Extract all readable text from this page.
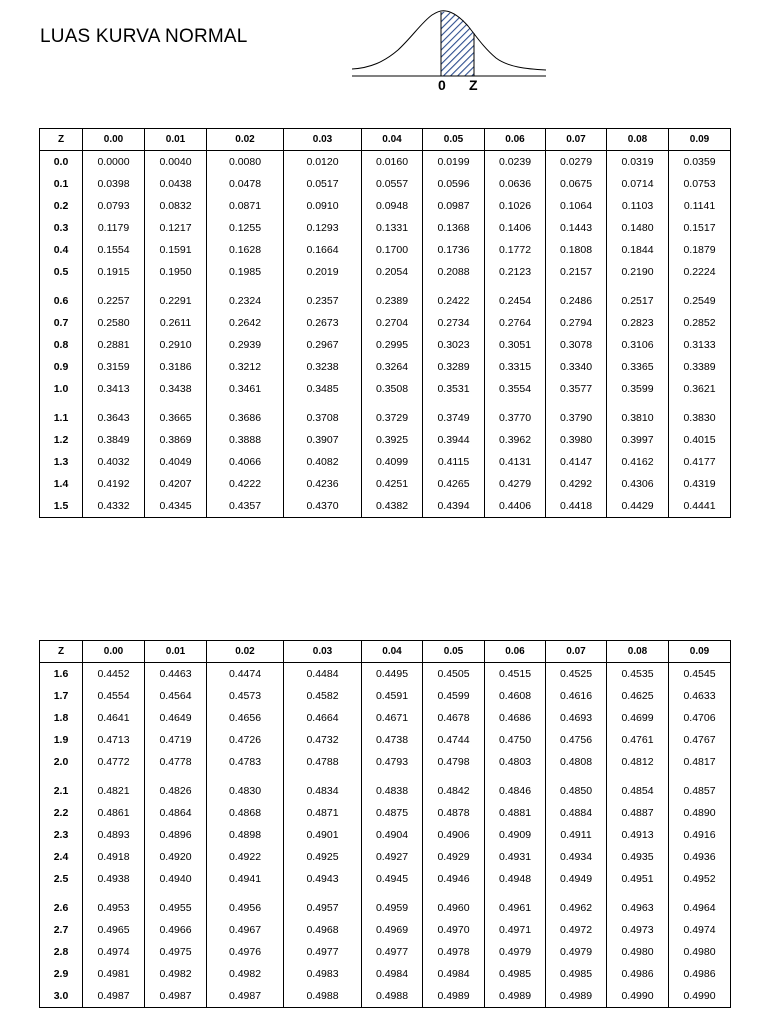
LUAS KURVA NORMAL
0 Z
Z	0.00	0.01	0.02	0.03	0.04	0.05	0.06	0.07	0.08	0.09
0.0	0.0000	0.0040	0.0080	0.0120	0.0160	0.0199	0.0239	0.0279	0.0319	0.0359
0.1	0.0398	0.0438	0.0478	0.0517	0.0557	0.0596	0.0636	0.0675	0.0714	0.0753
0.2	0.0793	0.0832	0.0871	0.0910	0.0948	0.0987	0.1026	0.1064	0.1103	0.1141
0.3	0.1179	0.1217	0.1255	0.1293	0.1331	0.1368	0.1406	0.1443	0.1480	0.1517
0.4	0.1554	0.1591	0.1628	0.1664	0.1700	0.1736	0.1772	0.1808	0.1844	0.1879
0.5	0.1915	0.1950	0.1985	0.2019	0.2054	0.2088	0.2123	0.2157	0.2190	0.2224
0.6	0.2257	0.2291	0.2324	0.2357	0.2389	0.2422	0.2454	0.2486	0.2517	0.2549
0.7	0.2580	0.2611	0.2642	0.2673	0.2704	0.2734	0.2764	0.2794	0.2823	0.2852
0.8	0.2881	0.2910	0.2939	0.2967	0.2995	0.3023	0.3051	0.3078	0.3106	0.3133
0.9	0.3159	0.3186	0.3212	0.3238	0.3264	0.3289	0.3315	0.3340	0.3365	0.3389
1.0	0.3413	0.3438	0.3461	0.3485	0.3508	0.3531	0.3554	0.3577	0.3599	0.3621
1.1	0.3643	0.3665	0.3686	0.3708	0.3729	0.3749	0.3770	0.3790	0.3810	0.3830
1.2	0.3849	0.3869	0.3888	0.3907	0.3925	0.3944	0.3962	0.3980	0.3997	0.4015
1.3	0.4032	0.4049	0.4066	0.4082	0.4099	0.4115	0.4131	0.4147	0.4162	0.4177
1.4	0.4192	0.4207	0.4222	0.4236	0.4251	0.4265	0.4279	0.4292	0.4306	0.4319
1.5	0.4332	0.4345	0.4357	0.4370	0.4382	0.4394	0.4406	0.4418	0.4429	0.4441
Z	0.00	0.01	0.02	0.03	0.04	0.05	0.06	0.07	0.08	0.09
1.6	0.4452	0.4463	0.4474	0.4484	0.4495	0.4505	0.4515	0.4525	0.4535	0.4545
1.7	0.4554	0.4564	0.4573	0.4582	0.4591	0.4599	0.4608	0.4616	0.4625	0.4633
1.8	0.4641	0.4649	0.4656	0.4664	0.4671	0.4678	0.4686	0.4693	0.4699	0.4706
1.9	0.4713	0.4719	0.4726	0.4732	0.4738	0.4744	0.4750	0.4756	0.4761	0.4767
2.0	0.4772	0.4778	0.4783	0.4788	0.4793	0.4798	0.4803	0.4808	0.4812	0.4817
2.1	0.4821	0.4826	0.4830	0.4834	0.4838	0.4842	0.4846	0.4850	0.4854	0.4857
2.2	0.4861	0.4864	0.4868	0.4871	0.4875	0.4878	0.4881	0.4884	0.4887	0.4890
2.3	0.4893	0.4896	0.4898	0.4901	0.4904	0.4906	0.4909	0.4911	0.4913	0.4916
2.4	0.4918	0.4920	0.4922	0.4925	0.4927	0.4929	0.4931	0.4934	0.4935	0.4936
2.5	0.4938	0.4940	0.4941	0.4943	0.4945	0.4946	0.4948	0.4949	0.4951	0.4952
2.6	0.4953	0.4955	0.4956	0.4957	0.4959	0.4960	0.4961	0.4962	0.4963	0.4964
2.7	0.4965	0.4966	0.4967	0.4968	0.4969	0.4970	0.4971	0.4972	0.4973	0.4974
2.8	0.4974	0.4975	0.4976	0.4977	0.4977	0.4978	0.4979	0.4979	0.4980	0.4980
2.9	0.4981	0.4982	0.4982	0.4983	0.4984	0.4984	0.4985	0.4985	0.4986	0.4986
3.0	0.4987	0.4987	0.4987	0.4988	0.4988	0.4989	0.4989	0.4989	0.4990	0.4990
